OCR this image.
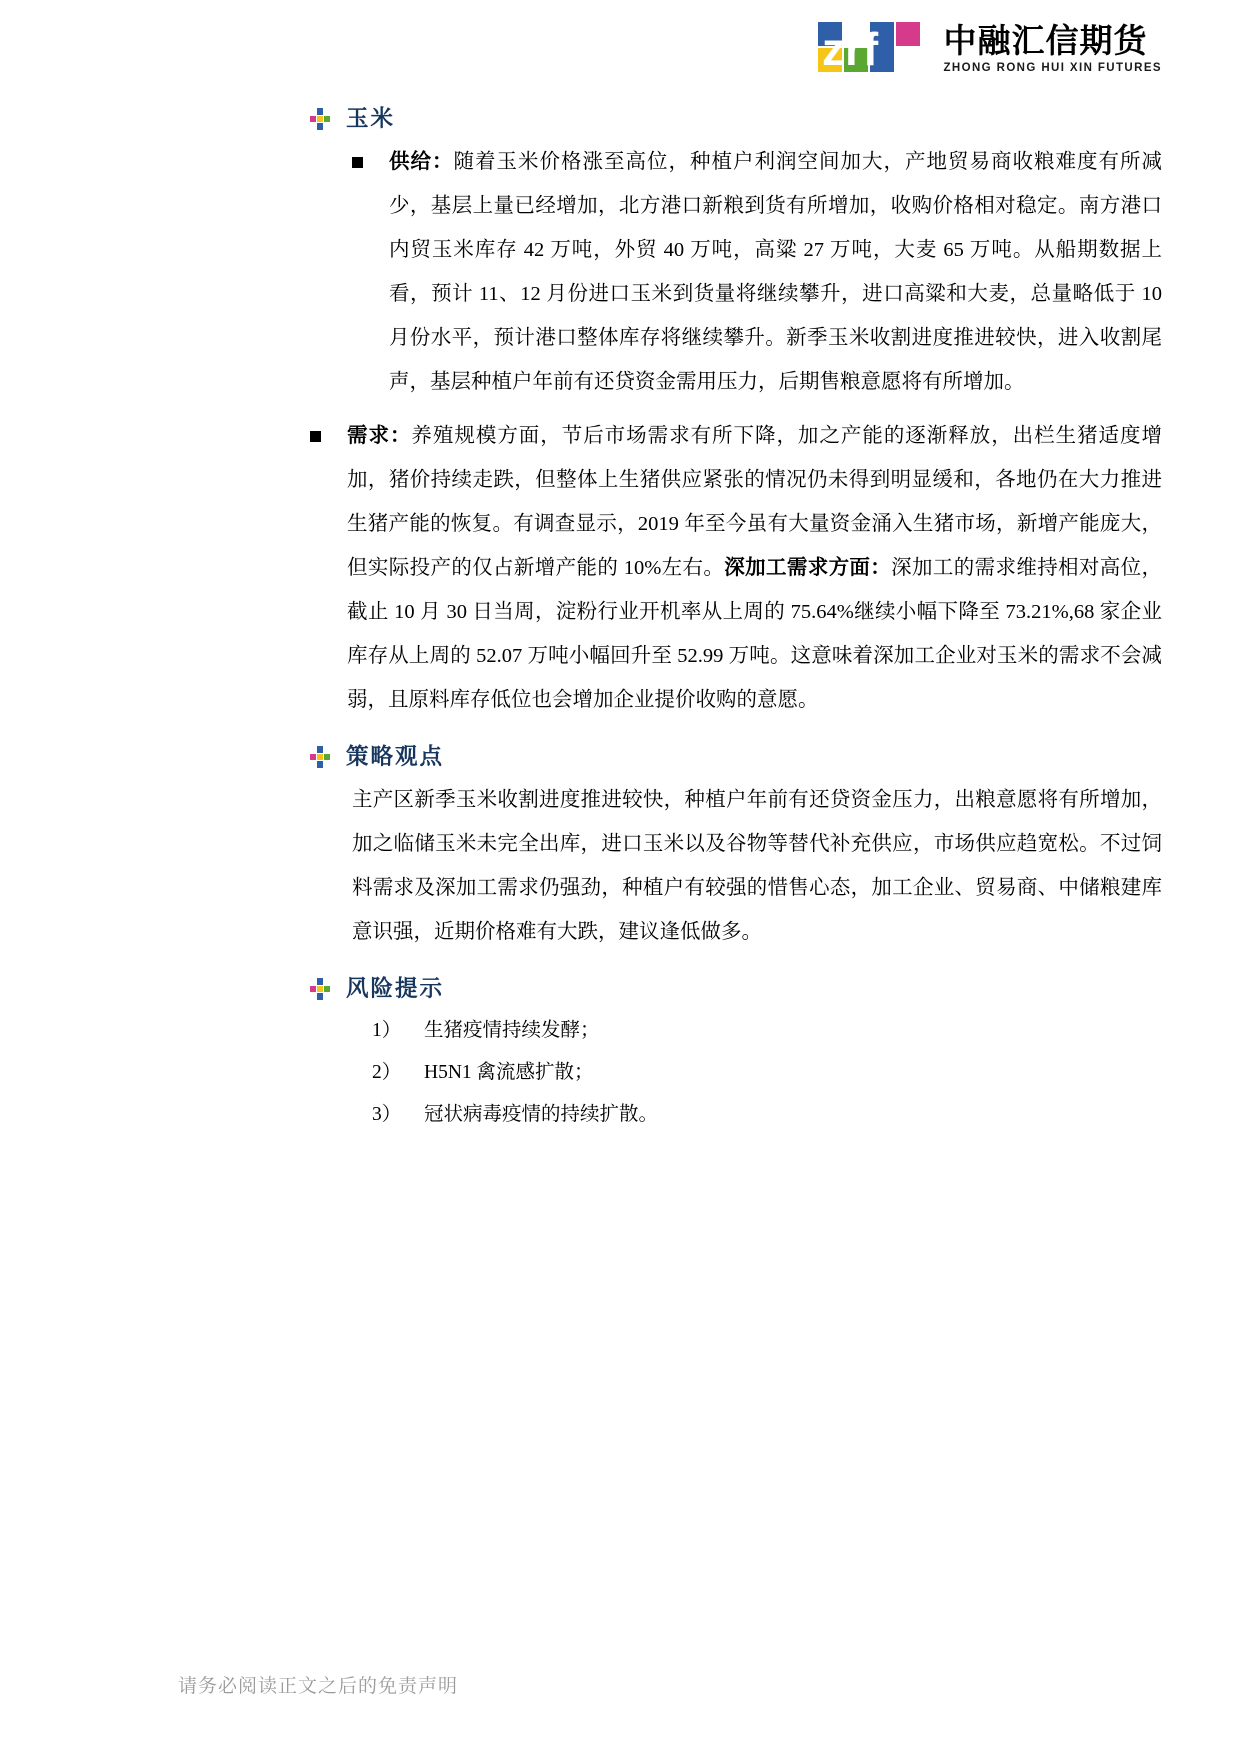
zrf 中融汇信期货
ZHONG RONG HUI XIN FUTURES
玉米
供给：随着玉米价格涨至高位，种植户利润空间加大，产地贸易商收粮难度有所减少，基层上量已经增加，北方港口新粮到货有所增加，收购价格相对稳定。南方港口内贸玉米库存 42 万吨，外贸 40 万吨，高粱 27 万吨，大麦 65 万吨。从船期数据上看，预计 11、12 月份进口玉米到货量将继续攀升，进口高粱和大麦，总量略低于 10 月份水平，预计港口整体库存将继续攀升。新季玉米收割进度推进较快，进入收割尾声，基层种植户年前有还贷资金需用压力，后期售粮意愿将有所增加。
需求：养殖规模方面，节后市场需求有所下降，加之产能的逐渐释放，出栏生猪适度增加，猪价持续走跌，但整体上生猪供应紧张的情况仍未得到明显缓和，各地仍在大力推进生猪产能的恢复。有调查显示，2019 年至今虽有大量资金涌入生猪市场，新增产能庞大，但实际投产的仅占新增产能的 10%左右。深加工需求方面：深加工的需求维持相对高位，截止 10 月 30 日当周，淀粉行业开机率从上周的 75.64%继续小幅下降至 73.21%,68 家企业库存从上周的 52.07 万吨小幅回升至 52.99 万吨。这意味着深加工企业对玉米的需求不会减弱，且原料库存低位也会增加企业提价收购的意愿。
策略观点
主产区新季玉米收割进度推进较快，种植户年前有还贷资金压力，出粮意愿将有所增加，加之临储玉米未完全出库，进口玉米以及谷物等替代补充供应，市场供应趋宽松。不过饲料需求及深加工需求仍强劲，种植户有较强的惜售心态，加工企业、贸易商、中储粮建库意识强，近期价格难有大跌，建议逢低做多。
风险提示
1）	生猪疫情持续发酵；
2）	H5N1 禽流感扩散；
3）	冠状病毒疫情的持续扩散。
请务必阅读正文之后的免责声明
